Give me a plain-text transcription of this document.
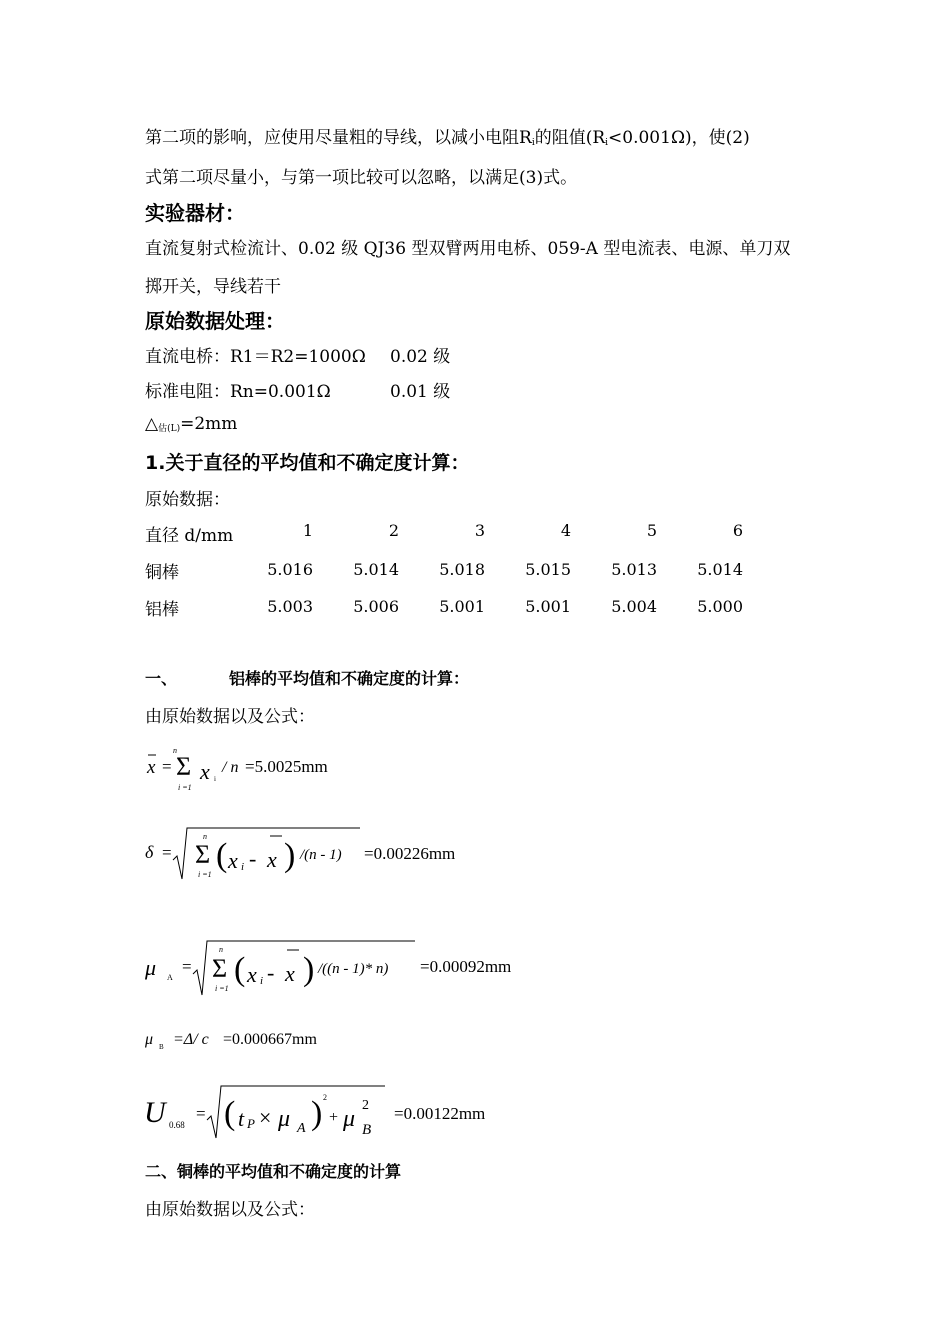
第二项的影响，应使用尽量粗的导线，以减小电阻$R_i$的阻值$(R_i<0.001\Omega)$，使(2)
式第二项尽量小，与第一项比较可以忽略，以满足(3)式。
实验器材：
直流复射式检流计、0.02 级 QJ36 型双臂两用电桥、059-A 型电流表、电源、单刀双
掷开关，导线若干
原始数据处理：
直流电桥：R1＝R2=1000Ω 0.02 级
标准电阻：Rn=0.001Ω	0.01 级
$\triangle_{估(L)}=2mm$
1.关于直径的平均值和不确定度计算：
原始数据：
直径 d/mm	1	2	3	4	5	6
铜棒	5.016	5.014	5.018	5.015	5.013	5.014
铝棒	5.003	5.006	5.001	5.001	5.004	5.000
一、	铝棒的平均值和不确定度的计算：
由原始数据以及公式：
x =
n
Σ
i =1
x i
/ n =5.0025mm
δ =
n
Σ
i =1
( x i - x ) /(n - 1) =0.00226mm
μ A
=
n
Σ
i =1
( x i - x ) /((n - 1)* n) =0.00092mm
μ B =Δ/ c =0.000667mm
U 0.68
= ( t P × μ A ) 2
+ μ
2
B
=0.00122mm
二、铜棒的平均值和不确定度的计算
由原始数据以及公式：
